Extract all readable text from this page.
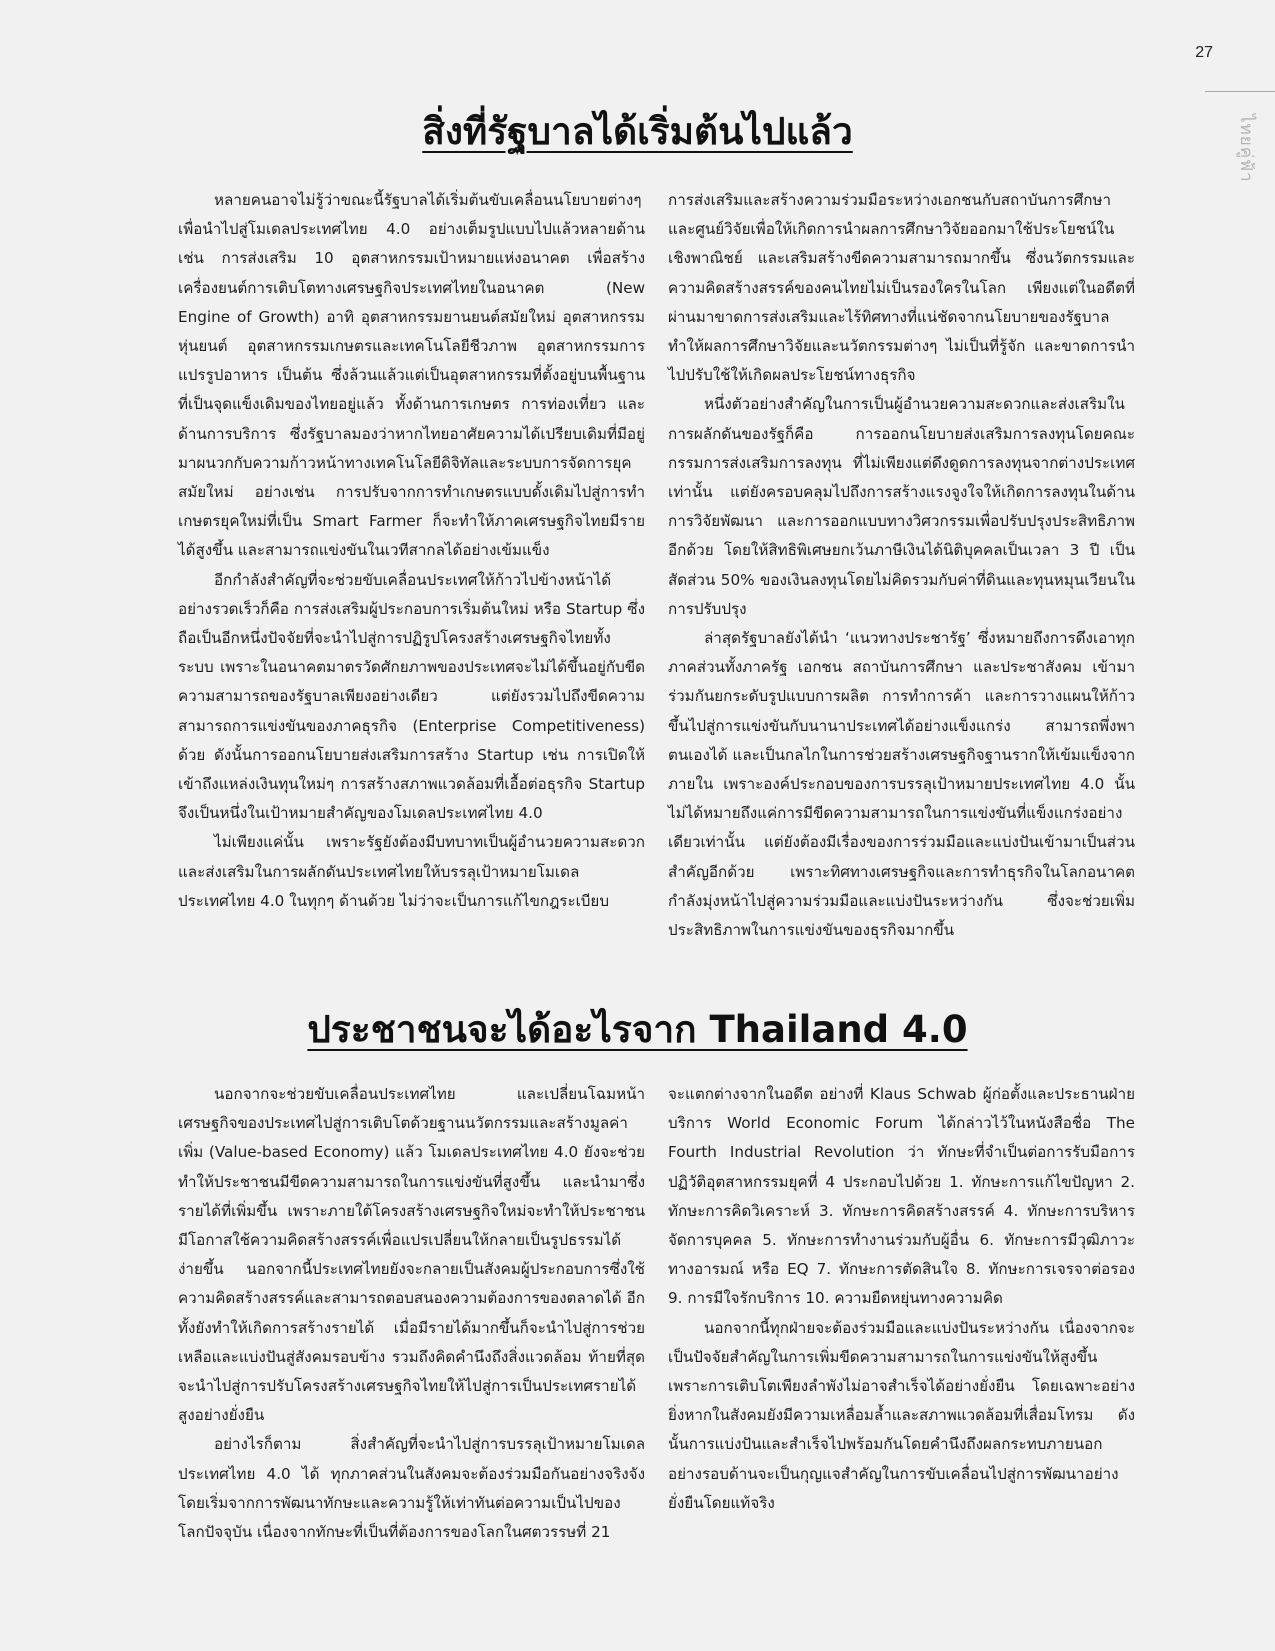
27
ไทยคู่ฟ้า
สิ่งที่รัฐบาลได้เริ่มต้นไปแล้ว

หลายคนอาจไม่รู้ว่าขณะนี้รัฐบาลได้เริ่มต้นขับเคลื่อนนโยบายต่างๆ เพื่อนำไปสู่โมเดลประเทศไทย 4.0 อย่างเต็มรูปแบบไปแล้วหลายด้าน เช่น การส่งเสริม 10 อุตสาหกรรมเป้าหมายแห่งอนาคต เพื่อสร้างเครื่องยนต์การเติบโตทางเศรษฐกิจประเทศไทยในอนาคต (New Engine of Growth) อาทิ อุตสาหกรรมยานยนต์สมัยใหม่ อุตสาหกรรมหุ่นยนต์ อุตสาหกรรมเกษตรและเทคโนโลยีชีวภาพ อุตสาหกรรมการแปรรูปอาหาร เป็นต้น ซึ่งล้วนแล้วแต่เป็นอุตสาหกรรมที่ตั้งอยู่บนพื้นฐานที่เป็นจุดแข็งเดิมของไทยอยู่แล้ว ทั้งด้านการเกษตร การท่องเที่ยว และด้านการบริการ ซึ่งรัฐบาลมองว่าหากไทยอาศัยความได้เปรียบเดิมที่มีอยู่ มาผนวกกับความก้าวหน้าทางเทคโนโลยีดิจิทัลและระบบการจัดการยุคสมัยใหม่ อย่างเช่น การปรับจากการทำเกษตรแบบดั้งเดิมไปสู่การทำเกษตรยุคใหม่ที่เป็น Smart Farmer ก็จะทำให้ภาคเศรษฐกิจไทยมีรายได้สูงขึ้น และสามารถแข่งขันในเวทีสากลได้อย่างเข้มแข็ง

อีกกำลังสำคัญที่จะช่วยขับเคลื่อนประเทศให้ก้าวไปข้างหน้าได้อย่างรวดเร็วก็คือ การส่งเสริมผู้ประกอบการเริ่มต้นใหม่ หรือ Startup ซึ่งถือเป็นอีกหนึ่งปัจจัยที่จะนำไปสู่การปฏิรูปโครงสร้างเศรษฐกิจไทยทั้งระบบ เพราะในอนาคตมาตรวัดศักยภาพของประเทศจะไม่ได้ขึ้นอยู่กับขีดความสามารถของรัฐบาลเพียงอย่างเดียว แต่ยังรวมไปถึงขีดความสามารถการแข่งขันของภาคธุรกิจ (Enterprise Competitiveness) ด้วย ดังนั้นการออกนโยบายส่งเสริมการสร้าง Startup เช่น การเปิดให้เข้าถึงแหล่งเงินทุนใหม่ๆ การสร้างสภาพแวดล้อมที่เอื้อต่อธุรกิจ Startup จึงเป็นหนึ่งในเป้าหมายสำคัญของโมเดลประเทศไทย 4.0

ไม่เพียงแค่นั้น เพราะรัฐยังต้องมีบทบาทเป็นผู้อำนวยความสะดวกและส่งเสริมในการผลักดันประเทศไทยให้บรรลุเป้าหมายโมเดลประเทศไทย 4.0 ในทุกๆ ด้านด้วย ไม่ว่าจะเป็นการแก้ไขกฎระเบียบ

การส่งเสริมและสร้างความร่วมมือระหว่างเอกชนกับสถาบันการศึกษาและศูนย์วิจัยเพื่อให้เกิดการนำผลการศึกษาวิจัยออกมาใช้ประโยชน์ในเชิงพาณิชย์ และเสริมสร้างขีดความสามารถมากขึ้น ซึ่งนวัตกรรมและความคิดสร้างสรรค์ของคนไทยไม่เป็นรองใครในโลก เพียงแต่ในอดีตที่ผ่านมาขาดการส่งเสริมและไร้ทิศทางที่แน่ชัดจากนโยบายของรัฐบาล ทำให้ผลการศึกษาวิจัยและนวัตกรรมต่างๆ ไม่เป็นที่รู้จัก และขาดการนำไปปรับใช้ให้เกิดผลประโยชน์ทางธุรกิจ

หนึ่งตัวอย่างสำคัญในการเป็นผู้อำนวยความสะดวกและส่งเสริมในการผลักดันของรัฐก็คือ การออกนโยบายส่งเสริมการลงทุนโดยคณะกรรมการส่งเสริมการลงทุน ที่ไม่เพียงแต่ดึงดูดการลงทุนจากต่างประเทศเท่านั้น แต่ยังครอบคลุมไปถึงการสร้างแรงจูงใจให้เกิดการลงทุนในด้านการวิจัยพัฒนา และการออกแบบทางวิศวกรรมเพื่อปรับปรุงประสิทธิภาพอีกด้วย โดยให้สิทธิพิเศษยกเว้นภาษีเงินได้นิติบุคคลเป็นเวลา 3 ปี เป็นสัดส่วน 50% ของเงินลงทุนโดยไม่คิดรวมกับค่าที่ดินและทุนหมุนเวียนในการปรับปรุง

ล่าสุดรัฐบาลยังได้นำ ‘แนวทางประชารัฐ’ ซึ่งหมายถึงการดึงเอาทุกภาคส่วนทั้งภาครัฐ เอกชน สถาบันการศึกษา และประชาสังคม เข้ามาร่วมกันยกระดับรูปแบบการผลิต การทำการค้า และการวางแผนให้ก้าวขึ้นไปสู่การแข่งขันกับนานาประเทศได้อย่างแข็งแกร่ง สามารถพึ่งพาตนเองได้ และเป็นกลไกในการช่วยสร้างเศรษฐกิจฐานรากให้เข้มแข็งจากภายใน เพราะองค์ประกอบของการบรรลุเป้าหมายประเทศไทย 4.0 นั้นไม่ได้หมายถึงแค่การมีขีดความสามารถในการแข่งขันที่แข็งแกร่งอย่างเดียวเท่านั้น แต่ยังต้องมีเรื่องของการร่วมมือและแบ่งปันเข้ามาเป็นส่วนสำคัญอีกด้วย เพราะทิศทางเศรษฐกิจและการทำธุรกิจในโลกอนาคตกำลังมุ่งหน้าไปสู่ความร่วมมือและแบ่งปันระหว่างกัน ซึ่งจะช่วยเพิ่มประสิทธิภาพในการแข่งขันของธุรกิจมากขึ้น

ประชาชนจะได้อะไรจาก Thailand 4.0

นอกจากจะช่วยขับเคลื่อนประเทศไทย และเปลี่ยนโฉมหน้าเศรษฐกิจของประเทศไปสู่การเติบโตด้วยฐานนวัตกรรมและสร้างมูลค่าเพิ่ม (Value-based Economy) แล้ว โมเดลประเทศไทย 4.0 ยังจะช่วยทำให้ประชาชนมีขีดความสามารถในการแข่งขันที่สูงขึ้น และนำมาซึ่งรายได้ที่เพิ่มขึ้น เพราะภายใต้โครงสร้างเศรษฐกิจใหม่จะทำให้ประชาชนมีโอกาสใช้ความคิดสร้างสรรค์เพื่อแปรเปลี่ยนให้กลายเป็นรูปธรรมได้ง่ายขึ้น นอกจากนี้ประเทศไทยยังจะกลายเป็นสังคมผู้ประกอบการซึ่งใช้ความคิดสร้างสรรค์และสามารถตอบสนองความต้องการของตลาดได้ อีกทั้งยังทำให้เกิดการสร้างรายได้ เมื่อมีรายได้มากขึ้นก็จะนำไปสู่การช่วยเหลือและแบ่งปันสู่สังคมรอบข้าง รวมถึงคิดคำนึงถึงสิ่งแวดล้อม ท้ายที่สุดจะนำไปสู่การปรับโครงสร้างเศรษฐกิจไทยให้ไปสู่การเป็นประเทศรายได้สูงอย่างยั่งยืน

อย่างไรก็ตาม สิ่งสำคัญที่จะนำไปสู่การบรรลุเป้าหมายโมเดลประเทศไทย 4.0 ได้ ทุกภาคส่วนในสังคมจะต้องร่วมมือกันอย่างจริงจังโดยเริ่มจากการพัฒนาทักษะและความรู้ให้เท่าทันต่อความเป็นไปของโลกปัจจุบัน เนื่องจากทักษะที่เป็นที่ต้องการของโลกในศตวรรษที่ 21

จะแตกต่างจากในอดีต อย่างที่ Klaus Schwab ผู้ก่อตั้งและประธานฝ่ายบริการ World Economic Forum ได้กล่าวไว้ในหนังสือชื่อ The Fourth Industrial Revolution ว่า ทักษะที่จำเป็นต่อการรับมือการปฏิวัติอุตสาหกรรมยุคที่ 4 ประกอบไปด้วย 1. ทักษะการแก้ไขปัญหา 2. ทักษะการคิดวิเคราะห์ 3. ทักษะการคิดสร้างสรรค์ 4. ทักษะการบริหารจัดการบุคคล 5. ทักษะการทำงานร่วมกับผู้อื่น 6. ทักษะการมีวุฒิภาวะทางอารมณ์ หรือ EQ 7. ทักษะการตัดสินใจ 8. ทักษะการเจรจาต่อรอง 9. การมีใจรักบริการ 10. ความยืดหยุ่นทางความคิด

นอกจากนี้ทุกฝ่ายจะต้องร่วมมือและแบ่งปันระหว่างกัน เนื่องจากจะเป็นปัจจัยสำคัญในการเพิ่มขีดความสามารถในการแข่งขันให้สูงขึ้น เพราะการเติบโตเพียงลำพังไม่อาจสำเร็จได้อย่างยั่งยืน โดยเฉพาะอย่างยิ่งหากในสังคมยังมีความเหลื่อมล้ำและสภาพแวดล้อมที่เสื่อมโทรม ดังนั้นการแบ่งปันและสำเร็จไปพร้อมกันโดยคำนึงถึงผลกระทบภายนอกอย่างรอบด้านจะเป็นกุญแจสำคัญในการขับเคลื่อนไปสู่การพัฒนาอย่างยั่งยืนโดยแท้จริง
